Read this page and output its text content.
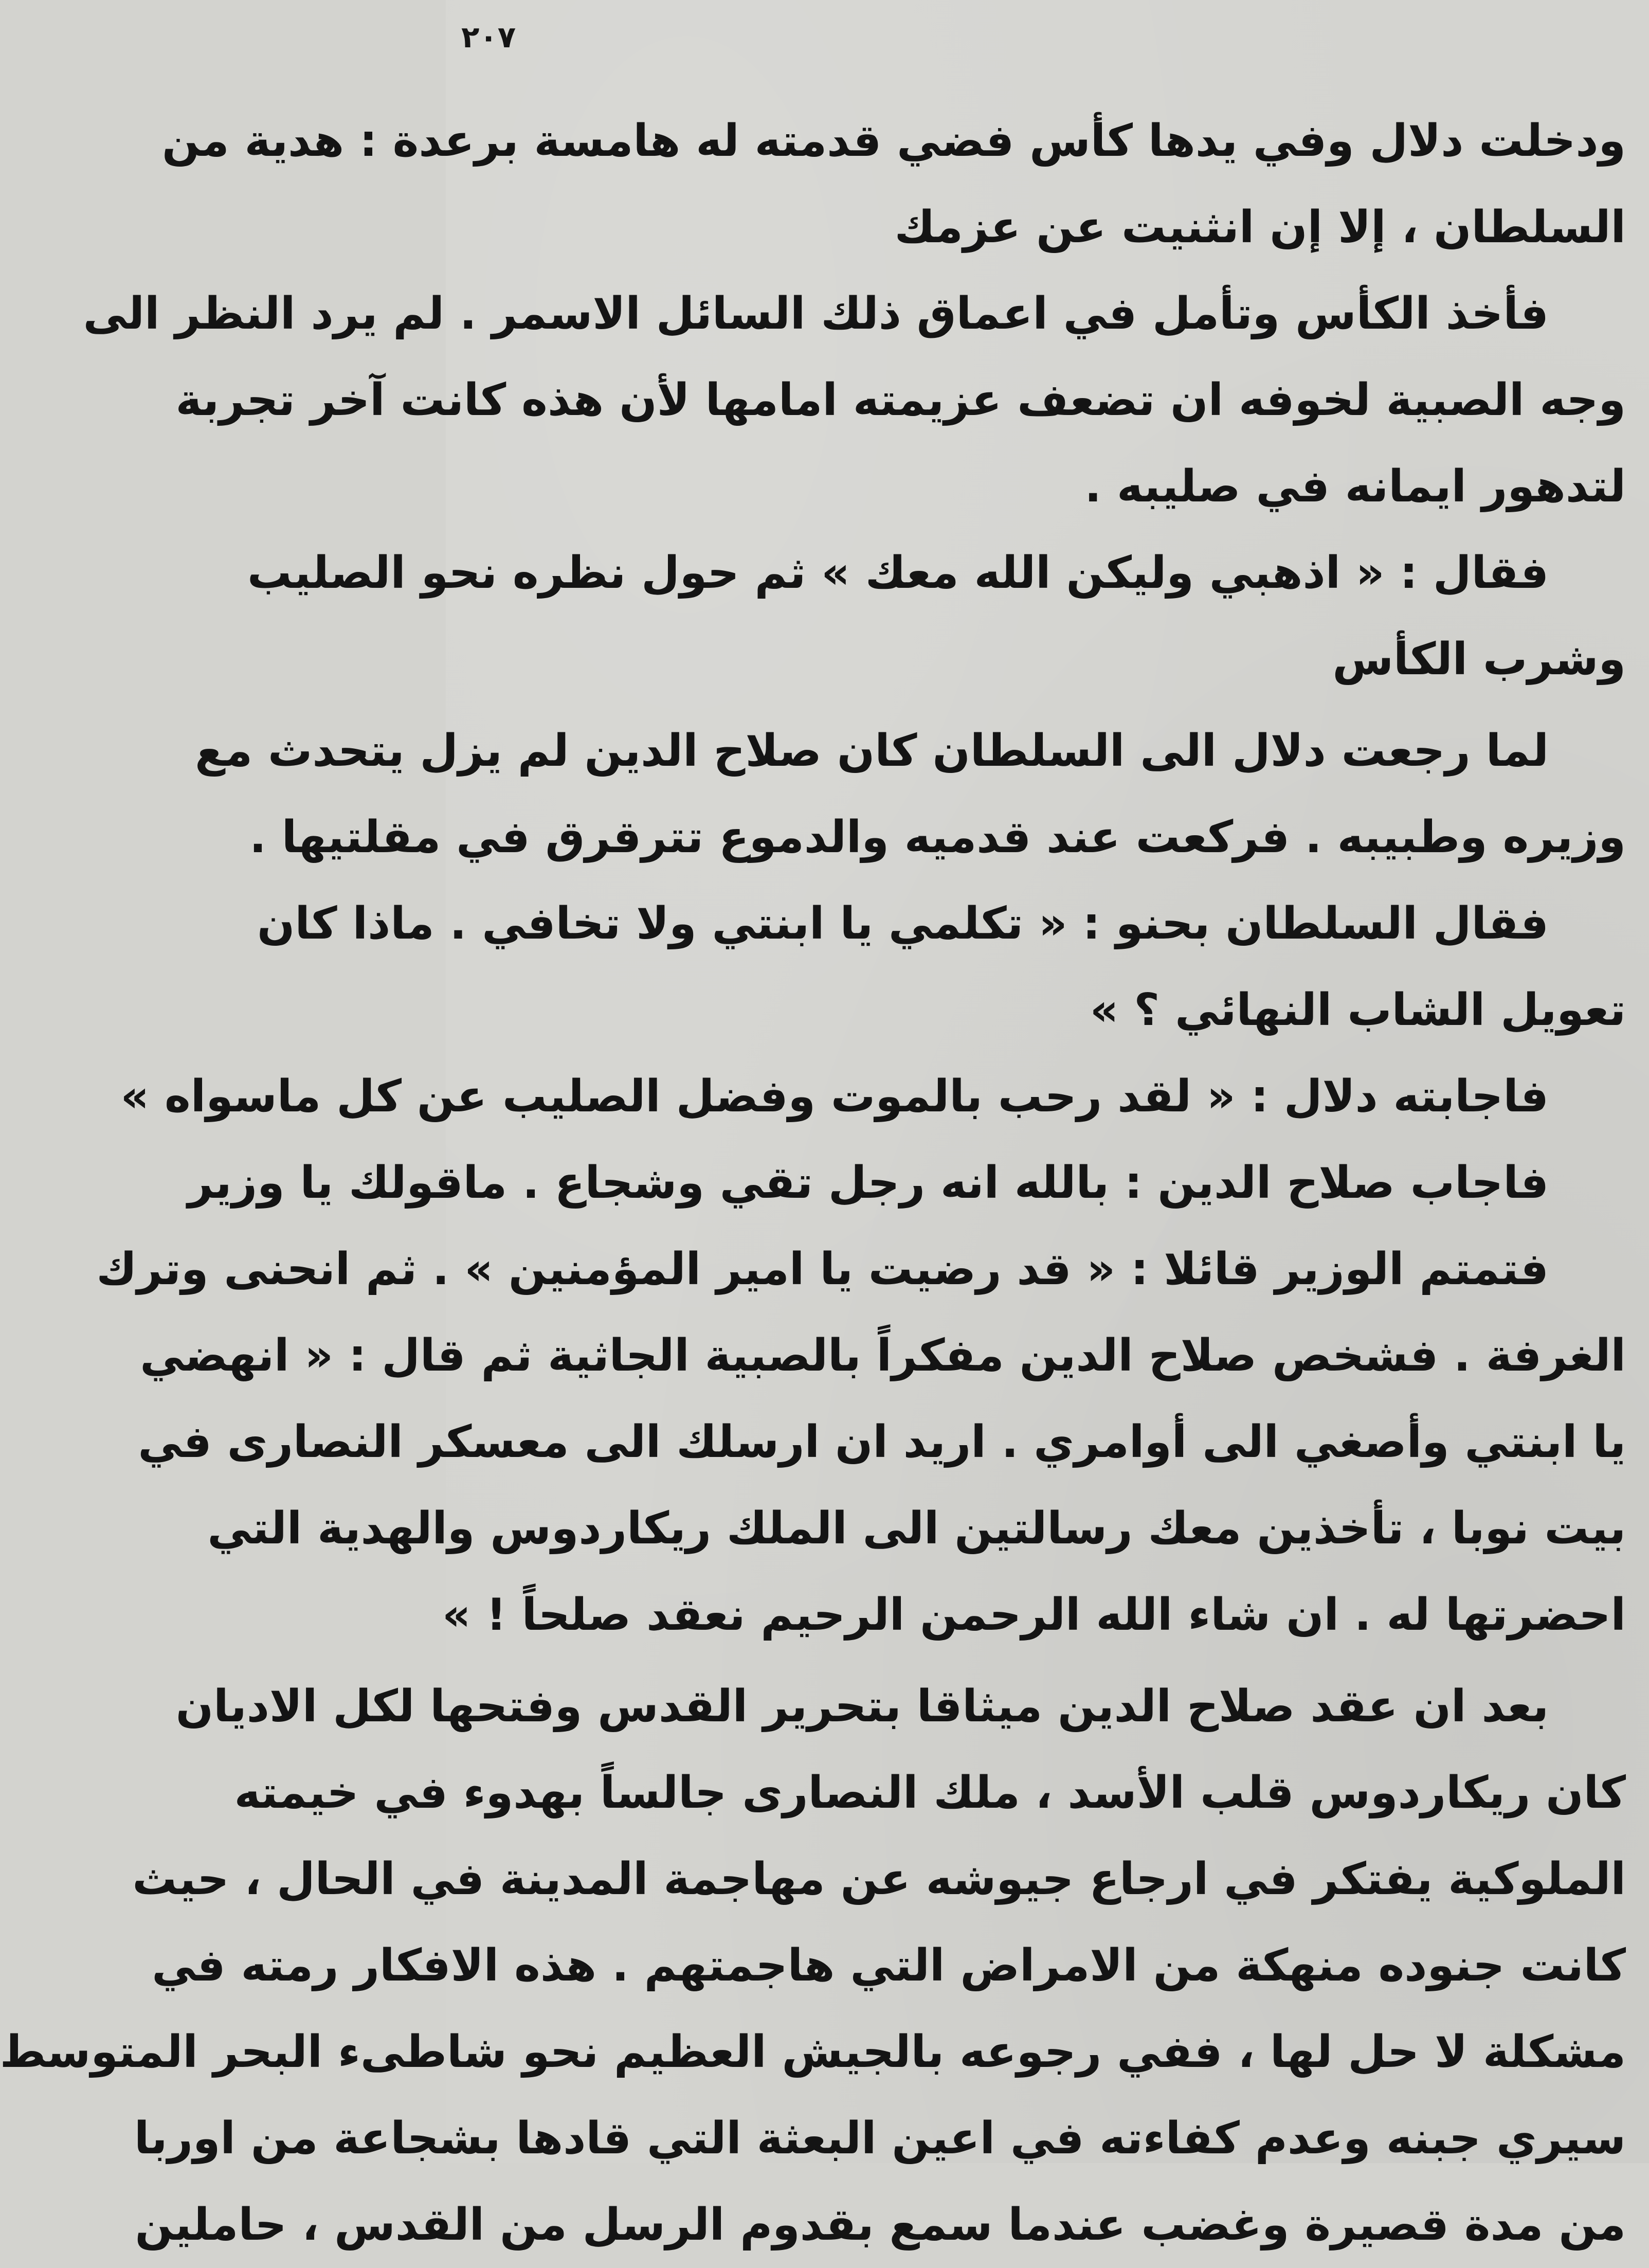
٢٠٧
ودخلت دلال وفي يدها كأس فضي قدمته له هامسة برعدة : هدية من
السلطان ، إلا إن انثنيت عن عزمك
فأخذ الكأس وتأمل في اعماق ذلك السائل الاسمر . لم يرد النظر الى
وجه الصبية لخوفه ان تضعف عزيمته امامها لأن هذه كانت آخر تجربة
لتدهور ايمانه في صليبه .
فقال : « اذهبي وليكن الله معك » ثم حول نظره نحو الصليب
وشرب الكأس
لما رجعت دلال الى السلطان كان صلاح الدين لم يزل يتحدث مع
وزيره وطبيبه . فركعت عند قدميه والدموع تترقرق في مقلتيها .
فقال السلطان بحنو : « تكلمي يا ابنتي ولا تخافي . ماذا كان
تعويل الشاب النهائي ؟ »
فاجابته دلال : « لقد رحب بالموت وفضل الصليب عن كل ماسواه »
فاجاب صلاح الدين : بالله انه رجل تقي وشجاع . ماقولك يا وزير
فتمتم الوزير قائلا : « قد رضيت يا امير المؤمنين » . ثم انحنى وترك
الغرفة . فشخص صلاح الدين مفكراً بالصبية الجاثية ثم قال : « انهضي
يا ابنتي وأصغي الى أوامري . اريد ان ارسلك الى معسكر النصارى في
بيت نوبا ، تأخذين معك رسالتين الى الملك ريكاردوس والهدية التي
احضرتها له . ان شاء الله الرحمن الرحيم نعقد صلحاً ! »
بعد ان عقد صلاح الدين ميثاقا بتحرير القدس وفتحها لكل الاديان
كان ريكاردوس قلب الأسد ، ملك النصارى جالساً بهدوء في خيمته
الملوكية يفتكر في ارجاع جيوشه عن مهاجمة المدينة في الحال ، حيث
كانت جنوده منهكة من الامراض التي هاجمتهم . هذه الافكار رمته في
مشكلة لا حل لها ، ففي رجوعه بالجيش العظيم نحو شاطىء البحر المتوسط
سيري جبنه وعدم كفاءته في اعين البعثة التي قادها بشجاعة من اوربا
من مدة قصيرة وغضب عندما سمع بقدوم الرسل من القدس ، حاملين
